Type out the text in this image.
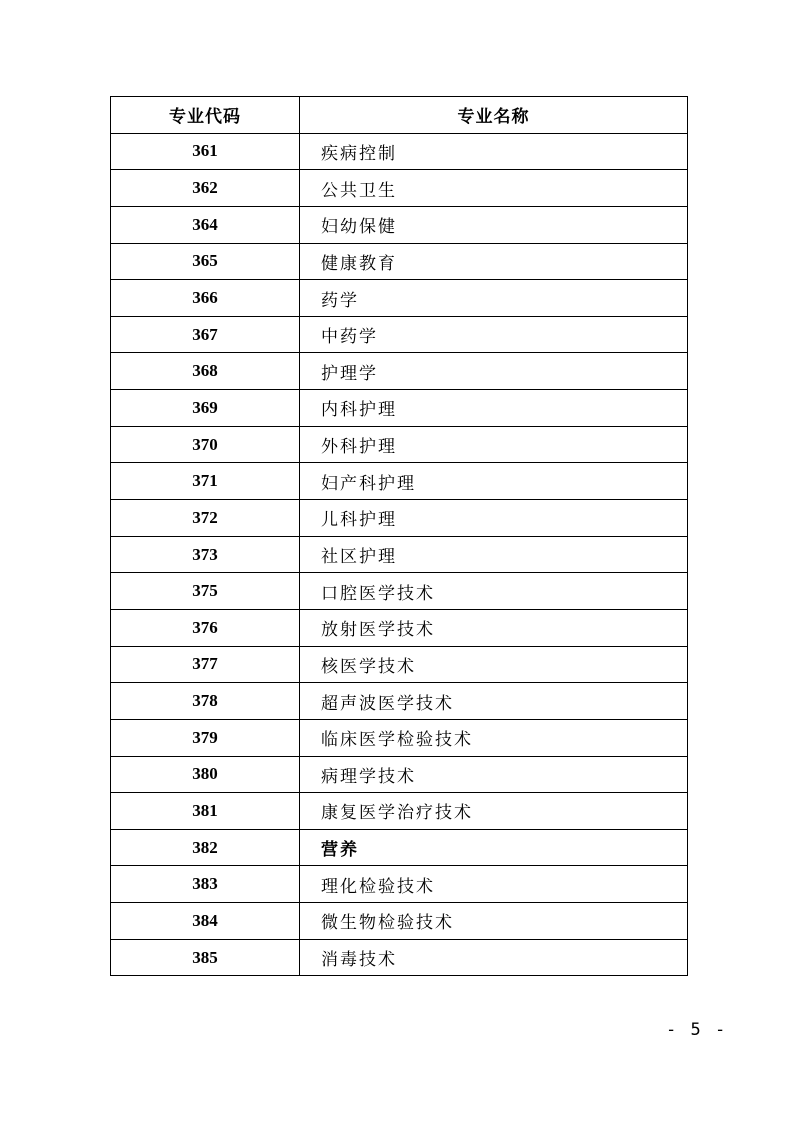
专业代码	专业名称
361	疾病控制
362	公共卫生
364	妇幼保健
365	健康教育
366	药学
367	中药学
368	护理学
369	内科护理
370	外科护理
371	妇产科护理
372	儿科护理
373	社区护理
375	口腔医学技术
376	放射医学技术
377	核医学技术
378	超声波医学技术
379	临床医学检验技术
380	病理学技术
381	康复医学治疗技术
382	营养
383	理化检验技术
384	微生物检验技术
385	消毒技术
- 5 -
